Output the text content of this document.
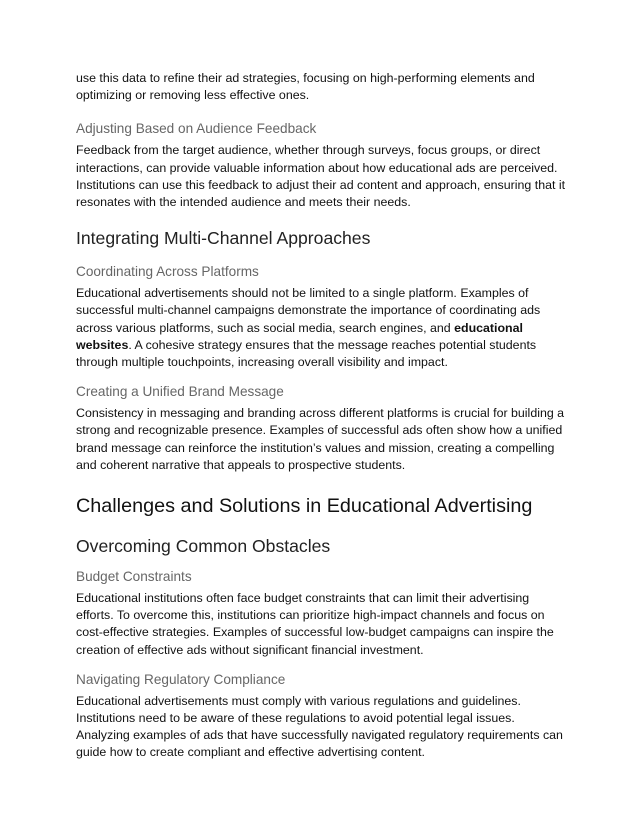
use this data to refine their ad strategies, focusing on high-performing elements and optimizing or removing less effective ones.

Adjusting Based on Audience Feedback

Feedback from the target audience, whether through surveys, focus groups, or direct interactions, can provide valuable information about how educational ads are perceived. Institutions can use this feedback to adjust their ad content and approach, ensuring that it resonates with the intended audience and meets their needs.

Integrating Multi-Channel Approaches
Coordinating Across Platforms

Educational advertisements should not be limited to a single platform. Examples of successful multi-channel campaigns demonstrate the importance of coordinating ads across various platforms, such as social media, search engines, and educational websites. A cohesive strategy ensures that the message reaches potential students through multiple touchpoints, increasing overall visibility and impact.

Creating a Unified Brand Message

Consistency in messaging and branding across different platforms is crucial for building a strong and recognizable presence. Examples of successful ads often show how a unified brand message can reinforce the institution’s values and mission, creating a compelling and coherent narrative that appeals to prospective students.

Challenges and Solutions in Educational Advertising
Overcoming Common Obstacles
Budget Constraints

Educational institutions often face budget constraints that can limit their advertising efforts. To overcome this, institutions can prioritize high-impact channels and focus on cost-effective strategies. Examples of successful low-budget campaigns can inspire the creation of effective ads without significant financial investment.

Navigating Regulatory Compliance

Educational advertisements must comply with various regulations and guidelines. Institutions need to be aware of these regulations to avoid potential legal issues. Analyzing examples of ads that have successfully navigated regulatory requirements can guide how to create compliant and effective advertising content.
